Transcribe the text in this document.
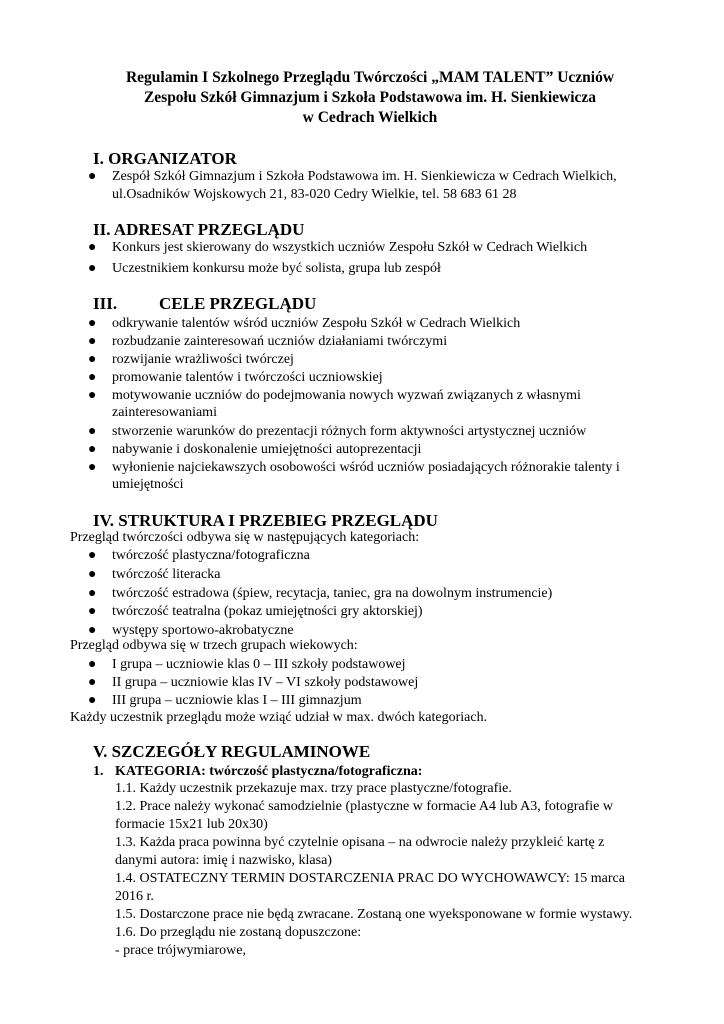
Regulamin I Szkolnego Przeglądu Twórczości „MAM TALENT” Uczniów
Zespołu Szkół Gimnazjum i Szkoła Podstawowa im. H. Sienkiewicza
w Cedrach Wielkich
I. ORGANIZATOR
● Zespół Szkół Gimnazjum i Szkoła Podstawowa im. H. Sienkiewicza w Cedrach Wielkich,
ul.Osadników Wojskowych 21, 83-020 Cedry Wielkie, tel. 58 683 61 28
II. ADRESAT PRZEGLĄDU
● Konkurs jest skierowany do wszystkich uczniów Zespołu Szkół w Cedrach Wielkich
● Uczestnikiem konkursu może być solista, grupa lub zespół
III. CELE PRZEGLĄDU
● odkrywanie talentów wśród uczniów Zespołu Szkół w Cedrach Wielkich
● rozbudzanie zainteresowań uczniów działaniami twórczymi
● rozwijanie wrażliwości twórczej
● promowanie talentów i twórczości uczniowskiej
● motywowanie uczniów do podejmowania nowych wyzwań związanych z własnymi
zainteresowaniami
● stworzenie warunków do prezentacji różnych form aktywności artystycznej uczniów
● nabywanie i doskonalenie umiejętności autoprezentacji
● wyłonienie najciekawszych osobowości wśród uczniów posiadających różnorakie talenty i
umiejętności
IV. STRUKTURA I PRZEBIEG PRZEGLĄDU
Przegląd twórczości odbywa się w następujących kategoriach:
● twórczość plastyczna/fotograficzna
● twórczość literacka
● twórczość estradowa (śpiew, recytacja, taniec, gra na dowolnym instrumencie)
● twórczość teatralna (pokaz umiejętności gry aktorskiej)
● występy sportowo-akrobatyczne
Przegląd odbywa się w trzech grupach wiekowych:
● I grupa – uczniowie klas 0 – III szkoły podstawowej
● II grupa – uczniowie klas IV – VI szkoły podstawowej
● III grupa – uczniowie klas I – III gimnazjum
Każdy uczestnik przeglądu może wziąć udział w max. dwóch kategoriach.
V. SZCZEGÓŁY REGULAMINOWE
1. KATEGORIA: twórczość plastyczna/fotograficzna:
1.1. Każdy uczestnik przekazuje max. trzy prace plastyczne/fotografie.
1.2. Prace należy wykonać samodzielnie (plastyczne w formacie A4 lub A3, fotografie w
formacie 15x21 lub 20x30)
1.3. Każda praca powinna być czytelnie opisana – na odwrocie należy przykleić kartę z
danymi autora: imię i nazwisko, klasa)
1.4. OSTATECZNY TERMIN DOSTARCZENIA PRAC DO WYCHOWAWCY: 15 marca
2016 r.
1.5. Dostarczone prace nie będą zwracane. Zostaną one wyeksponowane w formie wystawy.
1.6. Do przeglądu nie zostaną dopuszczone:
- prace trójwymiarowe,
